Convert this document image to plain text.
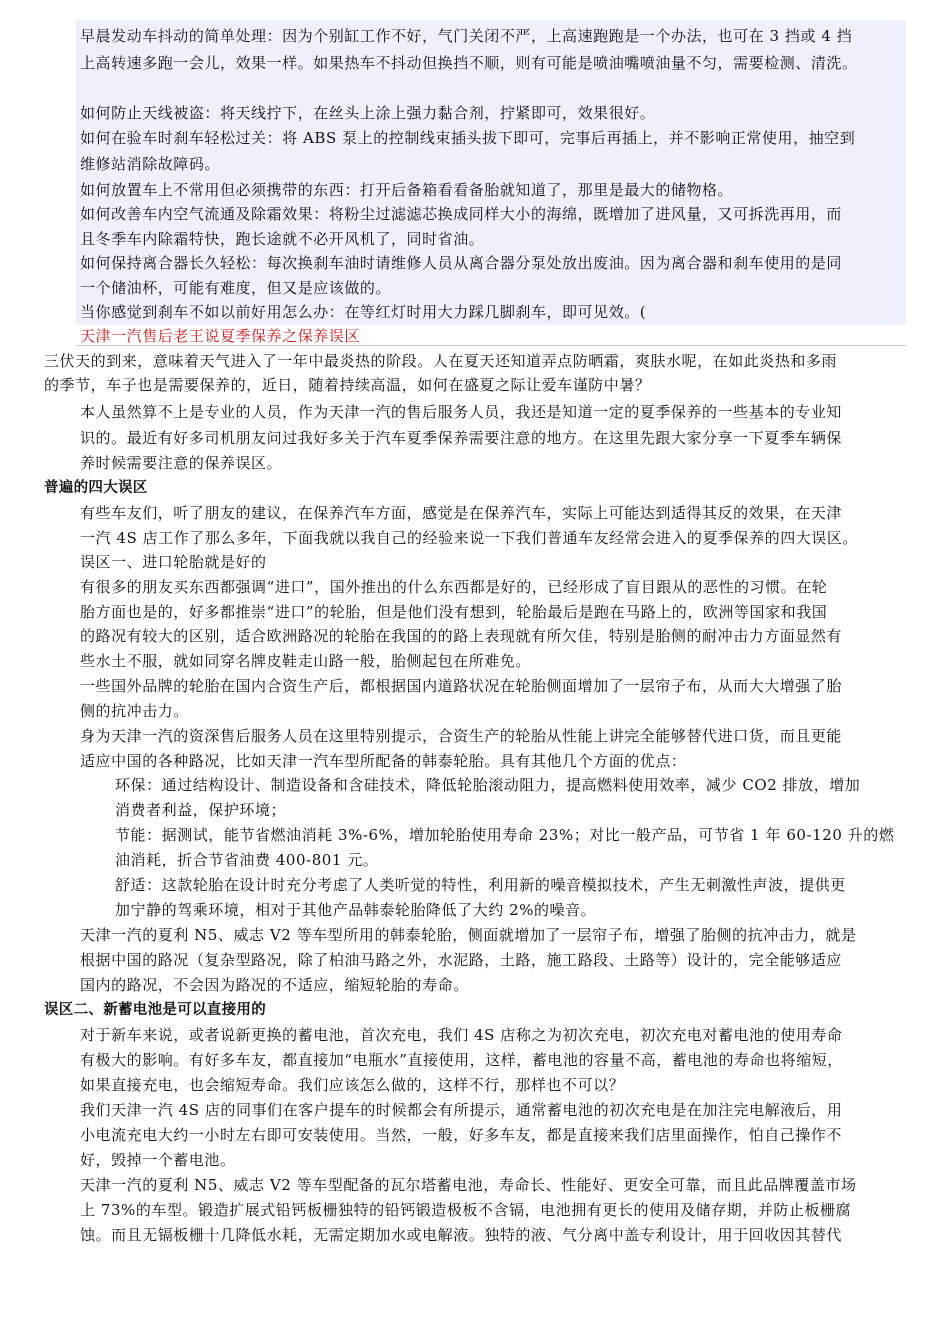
早晨发动车抖动的简单处理：因为个别缸工作不好，气门关闭不严，上高速跑跑是一个办法，也可在 3 挡或 4 挡
上高转速多跑一会儿，效果一样。如果热车不抖动但换挡不顺，则有可能是喷油嘴喷油量不匀，需要检测、清洗。
如何防止天线被盗：将天线拧下，在丝头上涂上强力黏合剂，拧紧即可，效果很好。
如何在验车时刹车轻松过关：将 ABS 泵上的控制线束插头拔下即可，完事后再插上，并不影响正常使用，抽空到
维修站消除故障码。
如何放置车上不常用但必须携带的东西：打开后备箱看看备胎就知道了，那里是最大的储物格。
如何改善车内空气流通及除霜效果：将粉尘过滤滤芯换成同样大小的海绵，既增加了进风量，又可拆洗再用，而
且冬季车内除霜特快，跑长途就不必开风机了，同时省油。
如何保持离合器长久轻松：每次换刹车油时请维修人员从离合器分泵处放出废油。因为离合器和刹车使用的是同
一个储油杯，可能有难度，但又是应该做的。
当你感觉到刹车不如以前好用怎么办：在等红灯时用大力踩几脚刹车，即可见效。(
天津一汽售后老王说夏季保养之保养误区
三伏天的到来，意味着天气进入了一年中最炎热的阶段。人在夏天还知道弄点防晒霜，爽肤水呢，在如此炎热和多雨
的季节，车子也是需要保养的，近日，随着持续高温，如何在盛夏之际让爱车谨防中暑？
本人虽然算不上是专业的人员，作为天津一汽的售后服务人员，我还是知道一定的夏季保养的一些基本的专业知
识的。最近有好多司机朋友问过我好多关于汽车夏季保养需要注意的地方。在这里先跟大家分享一下夏季车辆保
养时候需要注意的保养误区。
普遍的四大误区
有些车友们，听了朋友的建议，在保养汽车方面，感觉是在保养汽车，实际上可能达到适得其反的效果，在天津
一汽 4S 店工作了那么多年，下面我就以我自己的经验来说一下我们普通车友经常会进入的夏季保养的四大误区。
误区一、进口轮胎就是好的
有很多的朋友买东西都强调“进口”，国外推出的什么东西都是好的，已经形成了盲目跟从的恶性的习惯。在轮
胎方面也是的，好多都推崇“进口”的轮胎，但是他们没有想到，轮胎最后是跑在马路上的，欧洲等国家和我国
的路况有较大的区别，适合欧洲路况的轮胎在我国的的路上表现就有所欠佳，特别是胎侧的耐冲击力方面显然有
些水土不服，就如同穿名牌皮鞋走山路一般，胎侧起包在所难免。
一些国外品牌的轮胎在国内合资生产后，都根据国内道路状况在轮胎侧面增加了一层帘子布，从而大大增强了胎
侧的抗冲击力。
身为天津一汽的资深售后服务人员在这里特别提示，合资生产的轮胎从性能上讲完全能够替代进口货，而且更能
适应中国的各种路况，比如天津一汽车型所配备的韩泰轮胎。具有其他几个方面的优点：
环保：通过结构设计、制造设备和含硅技术，降低轮胎滚动阻力，提高燃料使用效率，减少 CO2 排放，增加
消费者利益，保护环境；
节能：据测试，能节省燃油消耗 3%-6%，增加轮胎使用寿命 23%；对比一般产品，可节省 1 年 60-120 升的燃
油消耗，折合节省油费 400-801 元。
舒适：这款轮胎在设计时充分考虑了人类听觉的特性，利用新的噪音模拟技术，产生无刺激性声波，提供更
加宁静的驾乘环境，相对于其他产品韩泰轮胎降低了大约 2%的噪音。
天津一汽的夏利 N5、威志 V2 等车型所用的韩泰轮胎，侧面就增加了一层帘子布，增强了胎侧的抗冲击力，就是
根据中国的路况（复杂型路况，除了柏油马路之外，水泥路，土路，施工路段、土路等）设计的，完全能够适应
国内的路况，不会因为路况的不适应，缩短轮胎的寿命。
误区二、新蓄电池是可以直接用的
对于新车来说，或者说新更换的蓄电池，首次充电，我们 4S 店称之为初次充电，初次充电对蓄电池的使用寿命
有极大的影响。有好多车友，都直接加“电瓶水”直接使用，这样，蓄电池的容量不高，蓄电池的寿命也将缩短，
如果直接充电，也会缩短寿命。我们应该怎么做的，这样不行，那样也不可以？
我们天津一汽 4S 店的同事们在客户提车的时候都会有所提示，通常蓄电池的初次充电是在加注完电解液后，用
小电流充电大约一小时左右即可安装使用。当然，一般，好多车友，都是直接来我们店里面操作，怕自己操作不
好，毁掉一个蓄电池。
天津一汽的夏利 N5、威志 V2 等车型配备的瓦尔塔蓄电池，寿命长、性能好、更安全可靠，而且此品牌覆盖市场
上 73%的车型。锻造扩展式铅钙板栅独特的铅钙锻造极板不含镉，电池拥有更长的使用及储存期，并防止板栅腐
蚀。而且无镉板栅十几降低水耗，无需定期加水或电解液。独特的液、气分离中盖专利设计，用于回收因其替代
